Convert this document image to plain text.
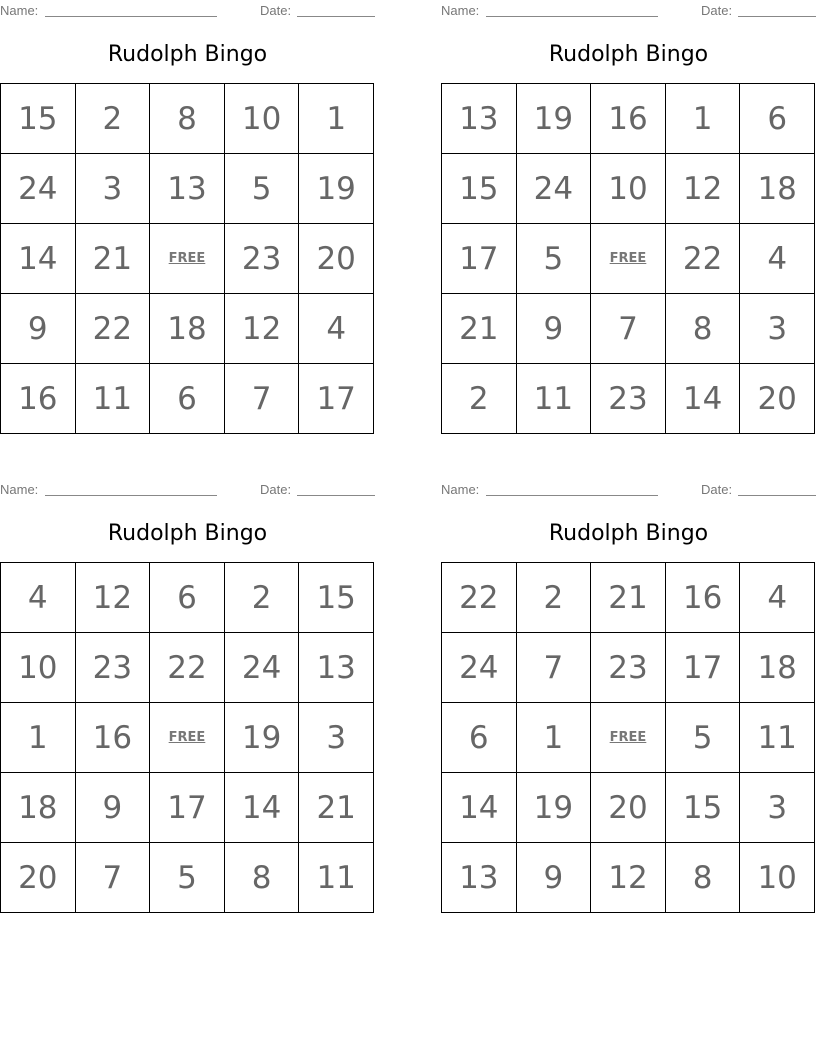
Name:	Date:
Rudolph Bingo
15	2	8	10	1
24	3	13	5	19
14	21	FREE	23	20
9	22	18	12	4
16	11	6	7	17
Name:	Date:
Rudolph Bingo
13	19	16	1	6
15	24	10	12	18
17	5	FREE	22	4
21	9	7	8	3
2	11	23	14	20
Name:	Date:
Rudolph Bingo
4	12	6	2	15
10	23	22	24	13
1	16	FREE	19	3
18	9	17	14	21
20	7	5	8	11
Name:	Date:
Rudolph Bingo
22	2	21	16	4
24	7	23	17	18
6	1	FREE	5	11
14	19	20	15	3
13	9	12	8	10
